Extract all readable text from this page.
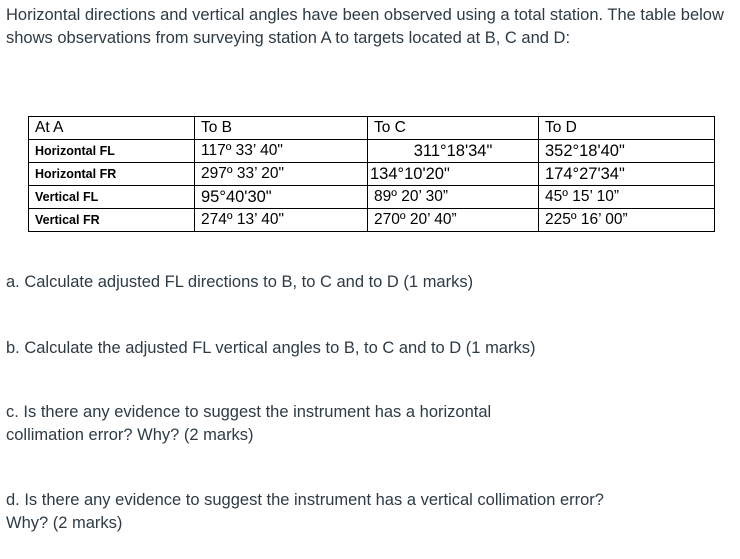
Horizontal directions and vertical angles have been observed using a total station. The table below shows observations from surveying station A to targets located at B, C and D:

At A	To B	To C	To D
Horizontal FL	117º 33’ 40"	311°18'34"	352°18'40"
Horizontal FR	297º 33’ 20"	134°10'20"	174°27'34"
Vertical FL	95°40'30"	89º 20’ 30”	45º 15’ 10”
Vertical FR	274º 13’ 40"	270º 20’ 40”	225º 16’ 00”

a. Calculate adjusted FL directions to B, to C and to D (1 marks)

b. Calculate the adjusted FL vertical angles to B, to C and to D (1 marks)

c. Is there any evidence to suggest the instrument has a horizontal
collimation error? Why? (2 marks)
d. Is there any evidence to suggest the instrument has a vertical collimation error?
Why? (2 marks)
